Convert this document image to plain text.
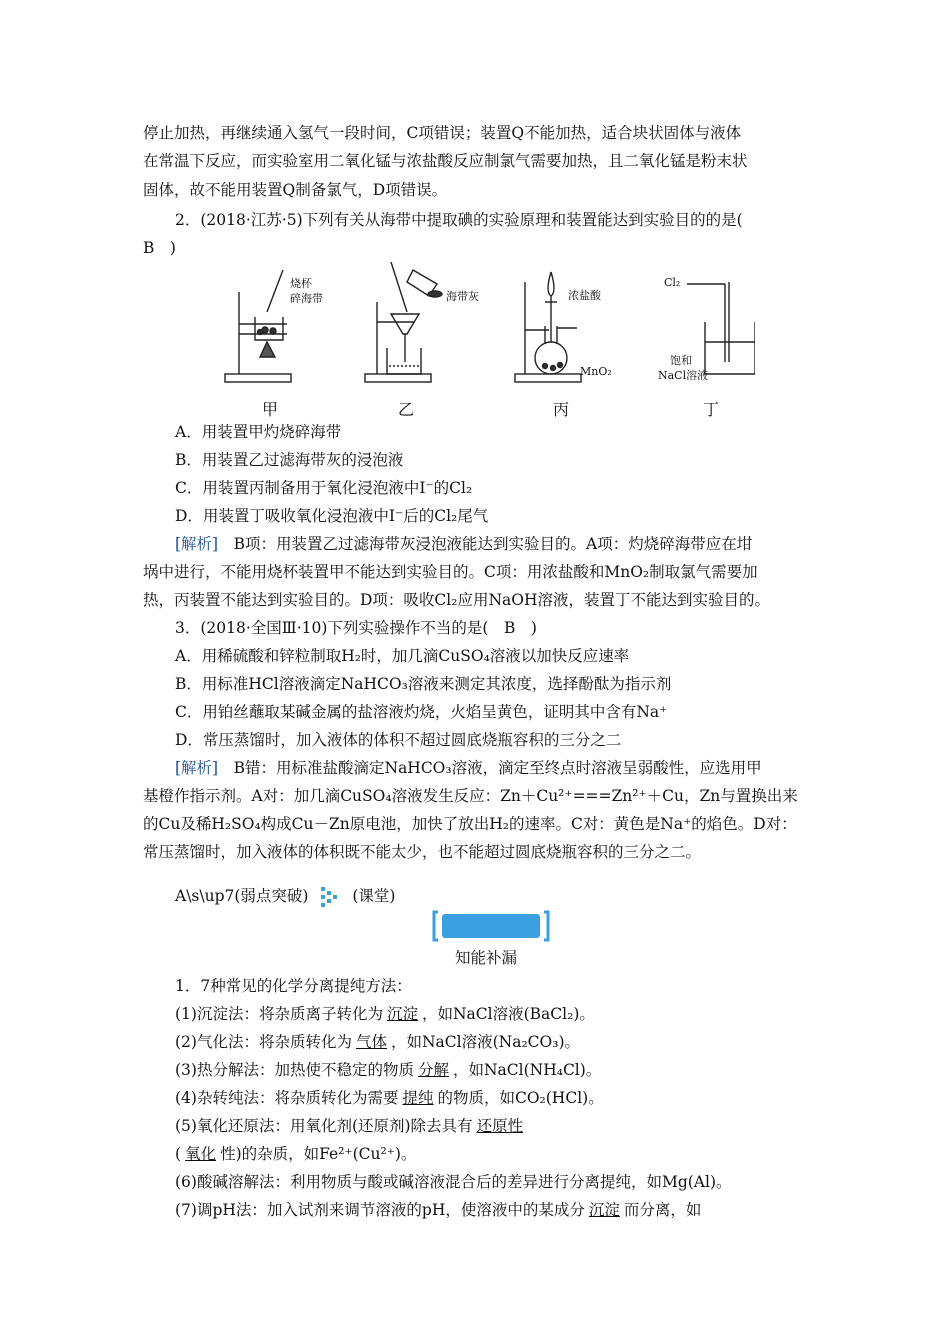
停止加热，再继续通入氢气一段时间，C项错误；装置Q不能加热，适合块状固体与液体
在常温下反应，而实验室用二氧化锰与浓盐酸反应制氯气需要加热，且二氧化锰是粉末状
固体，故不能用装置Q制备氯气，D项错误。
2．(2018·江苏·5)下列有关从海带中提取碘的实验原理和装置能达到实验目的的是(
B　)
烧杯
碎海带	海带灰	浓盐酸
MnO₂
Cl₂
饱和
NaCl溶液
甲	乙	丙	丁
A．用装置甲灼烧碎海带
B．用装置乙过滤海带灰的浸泡液
C．用装置丙制备用于氧化浸泡液中I⁻的Cl₂
D．用装置丁吸收氧化浸泡液中I⁻后的Cl₂尾气
[解析]　B项：用装置乙过滤海带灰浸泡液能达到实验目的。A项：灼烧碎海带应在坩
埚中进行，不能用烧杯装置甲不能达到实验目的。C项：用浓盐酸和MnO₂制取氯气需要加
热，丙装置不能达到实验目的。D项：吸收Cl₂应用NaOH溶液，装置丁不能达到实验目的。
3．(2018·全国Ⅲ·10)下列实验操作不当的是(　B　)
A．用稀硫酸和锌粒制取H₂时，加几滴CuSO₄溶液以加快反应速率
B．用标准HCl溶液滴定NaHCO₃溶液来测定其浓度，选择酚酞为指示剂
C．用铂丝蘸取某碱金属的盐溶液灼烧，火焰呈黄色，证明其中含有Na⁺
D．常压蒸馏时，加入液体的体积不超过圆底烧瓶容积的三分之二
[解析]　B错：用标准盐酸滴定NaHCO₃溶液，滴定至终点时溶液呈弱酸性，应选用甲
基橙作指示剂。A对：加几滴CuSO₄溶液发生反应：Zn＋Cu²⁺===Zn²⁺＋Cu，Zn与置换出来
的Cu及稀H₂SO₄构成Cu－Zn原电池，加快了放出H₂的速率。C对：黄色是Na⁺的焰色。D对：
常压蒸馏时，加入液体的体积既不能太少，也不能超过圆底烧瓶容积的三分之二。
A\s\up7(弱点突破)	(课堂)
知能补漏
1．7种常见的化学分离提纯方法：
(1)沉淀法：将杂质离子转化为 沉淀 ，如NaCl溶液(BaCl₂)。
(2)气化法：将杂质转化为 气体 ，如NaCl溶液(Na₂CO₃)。
(3)热分解法：加热使不稳定的物质 分解 ，如NaCl(NH₄Cl)。
(4)杂转纯法：将杂质转化为需要 提纯 的物质，如CO₂(HCl)。
(5)氧化还原法：用氧化剂(还原剂)除去具有 还原性
( 氧化 性)的杂质，如Fe²⁺(Cu²⁺)。
(6)酸碱溶解法：利用物质与酸或碱溶液混合后的差异进行分离提纯，如Mg(Al)。
(7)调pH法：加入试剂来调节溶液的pH，使溶液中的某成分 沉淀 而分离，如
